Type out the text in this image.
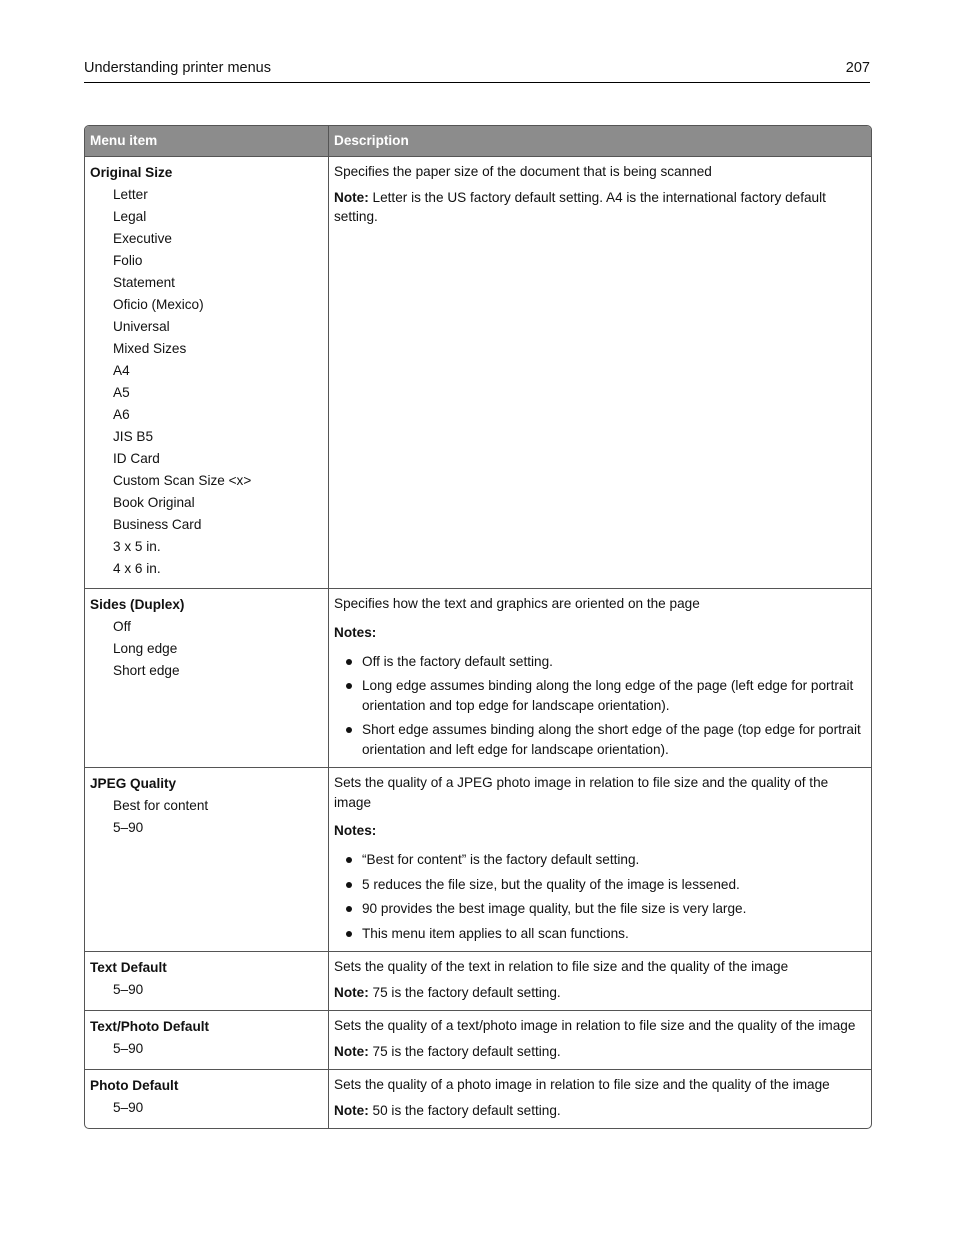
Understanding printer menus	207
Menu item	Description
Original Size
Letter
Legal
Executive
Folio
Statement
Oficio (Mexico)
Universal
Mixed Sizes
A4
A5
A6
JIS B5
ID Card
Custom Scan Size <x>
Book Original
Business Card
3 x 5 in.
4 x 6 in.
Specifies the paper size of the document that is being scanned
Note: Letter is the US factory default setting. A4 is the international factory default setting.
Sides (Duplex)
Off
Long edge
Short edge
Specifies how the text and graphics are oriented on the page
Notes:
Off is the factory default setting.
Long edge assumes binding along the long edge of the page (left edge for portrait orientation and top edge for landscape orientation).
Short edge assumes binding along the short edge of the page (top edge for portrait orientation and left edge for landscape orientation).
JPEG Quality
Best for content
5–90
Sets the quality of a JPEG photo image in relation to file size and the quality of the image
Notes:
“Best for content” is the factory default setting.
5 reduces the file size, but the quality of the image is lessened.
90 provides the best image quality, but the file size is very large.
This menu item applies to all scan functions.
Text Default
5–90
Sets the quality of the text in relation to file size and the quality of the image
Note: 75 is the factory default setting.
Text/Photo Default
5–90
Sets the quality of a text/photo image in relation to file size and the quality of the image
Note: 75 is the factory default setting.
Photo Default
5–90
Sets the quality of a photo image in relation to file size and the quality of the image
Note: 50 is the factory default setting.
